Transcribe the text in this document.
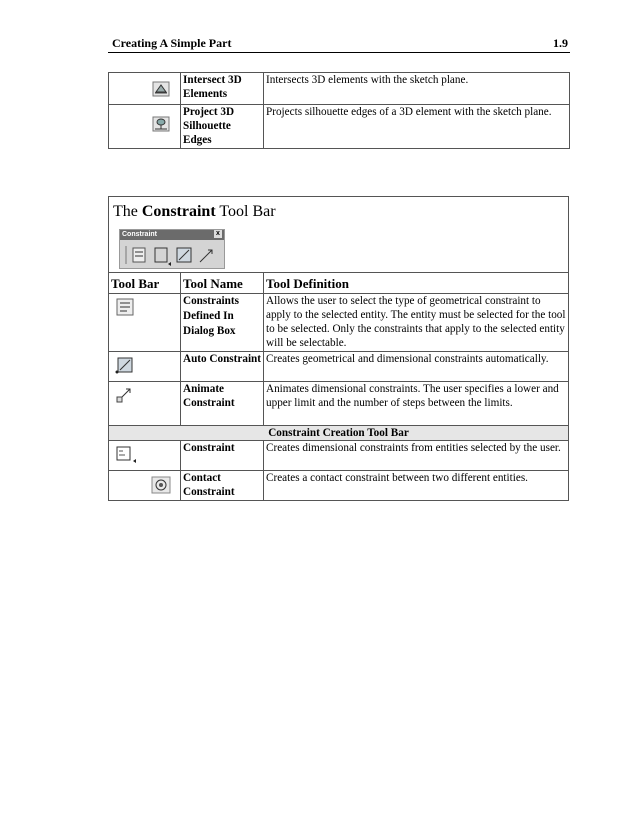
Creating A Simple Part	1.9
	Intersect 3D Elements	Intersects 3D elements with the sketch plane.

	Project 3D Silhouette Edges	Projects silhouette edges of a 3D element with the sketch plane.
The Constraint Tool Bar
Constraint x		

Tool Bar	Tool Name	Tool Definition

	Constraints Defined In Dialog Box	Allows the user to select the type of geometrical constraint to apply to the selected entity. The entity must be selected for the tool to be selected. Only the constraints that apply to the selected entity will be selectable.

	Auto Constraint	Creates geometrical and dimensional constraints automatically.

	Animate Constraint	Animates dimensional constraints. The user specifies a lower and upper limit and the number of steps between the limits.
Constraint Creation Tool Bar		

	Constraint	Creates dimensional constraints from entities selected by the user.

	Contact Constraint	Creates a contact constraint between two different entities.
